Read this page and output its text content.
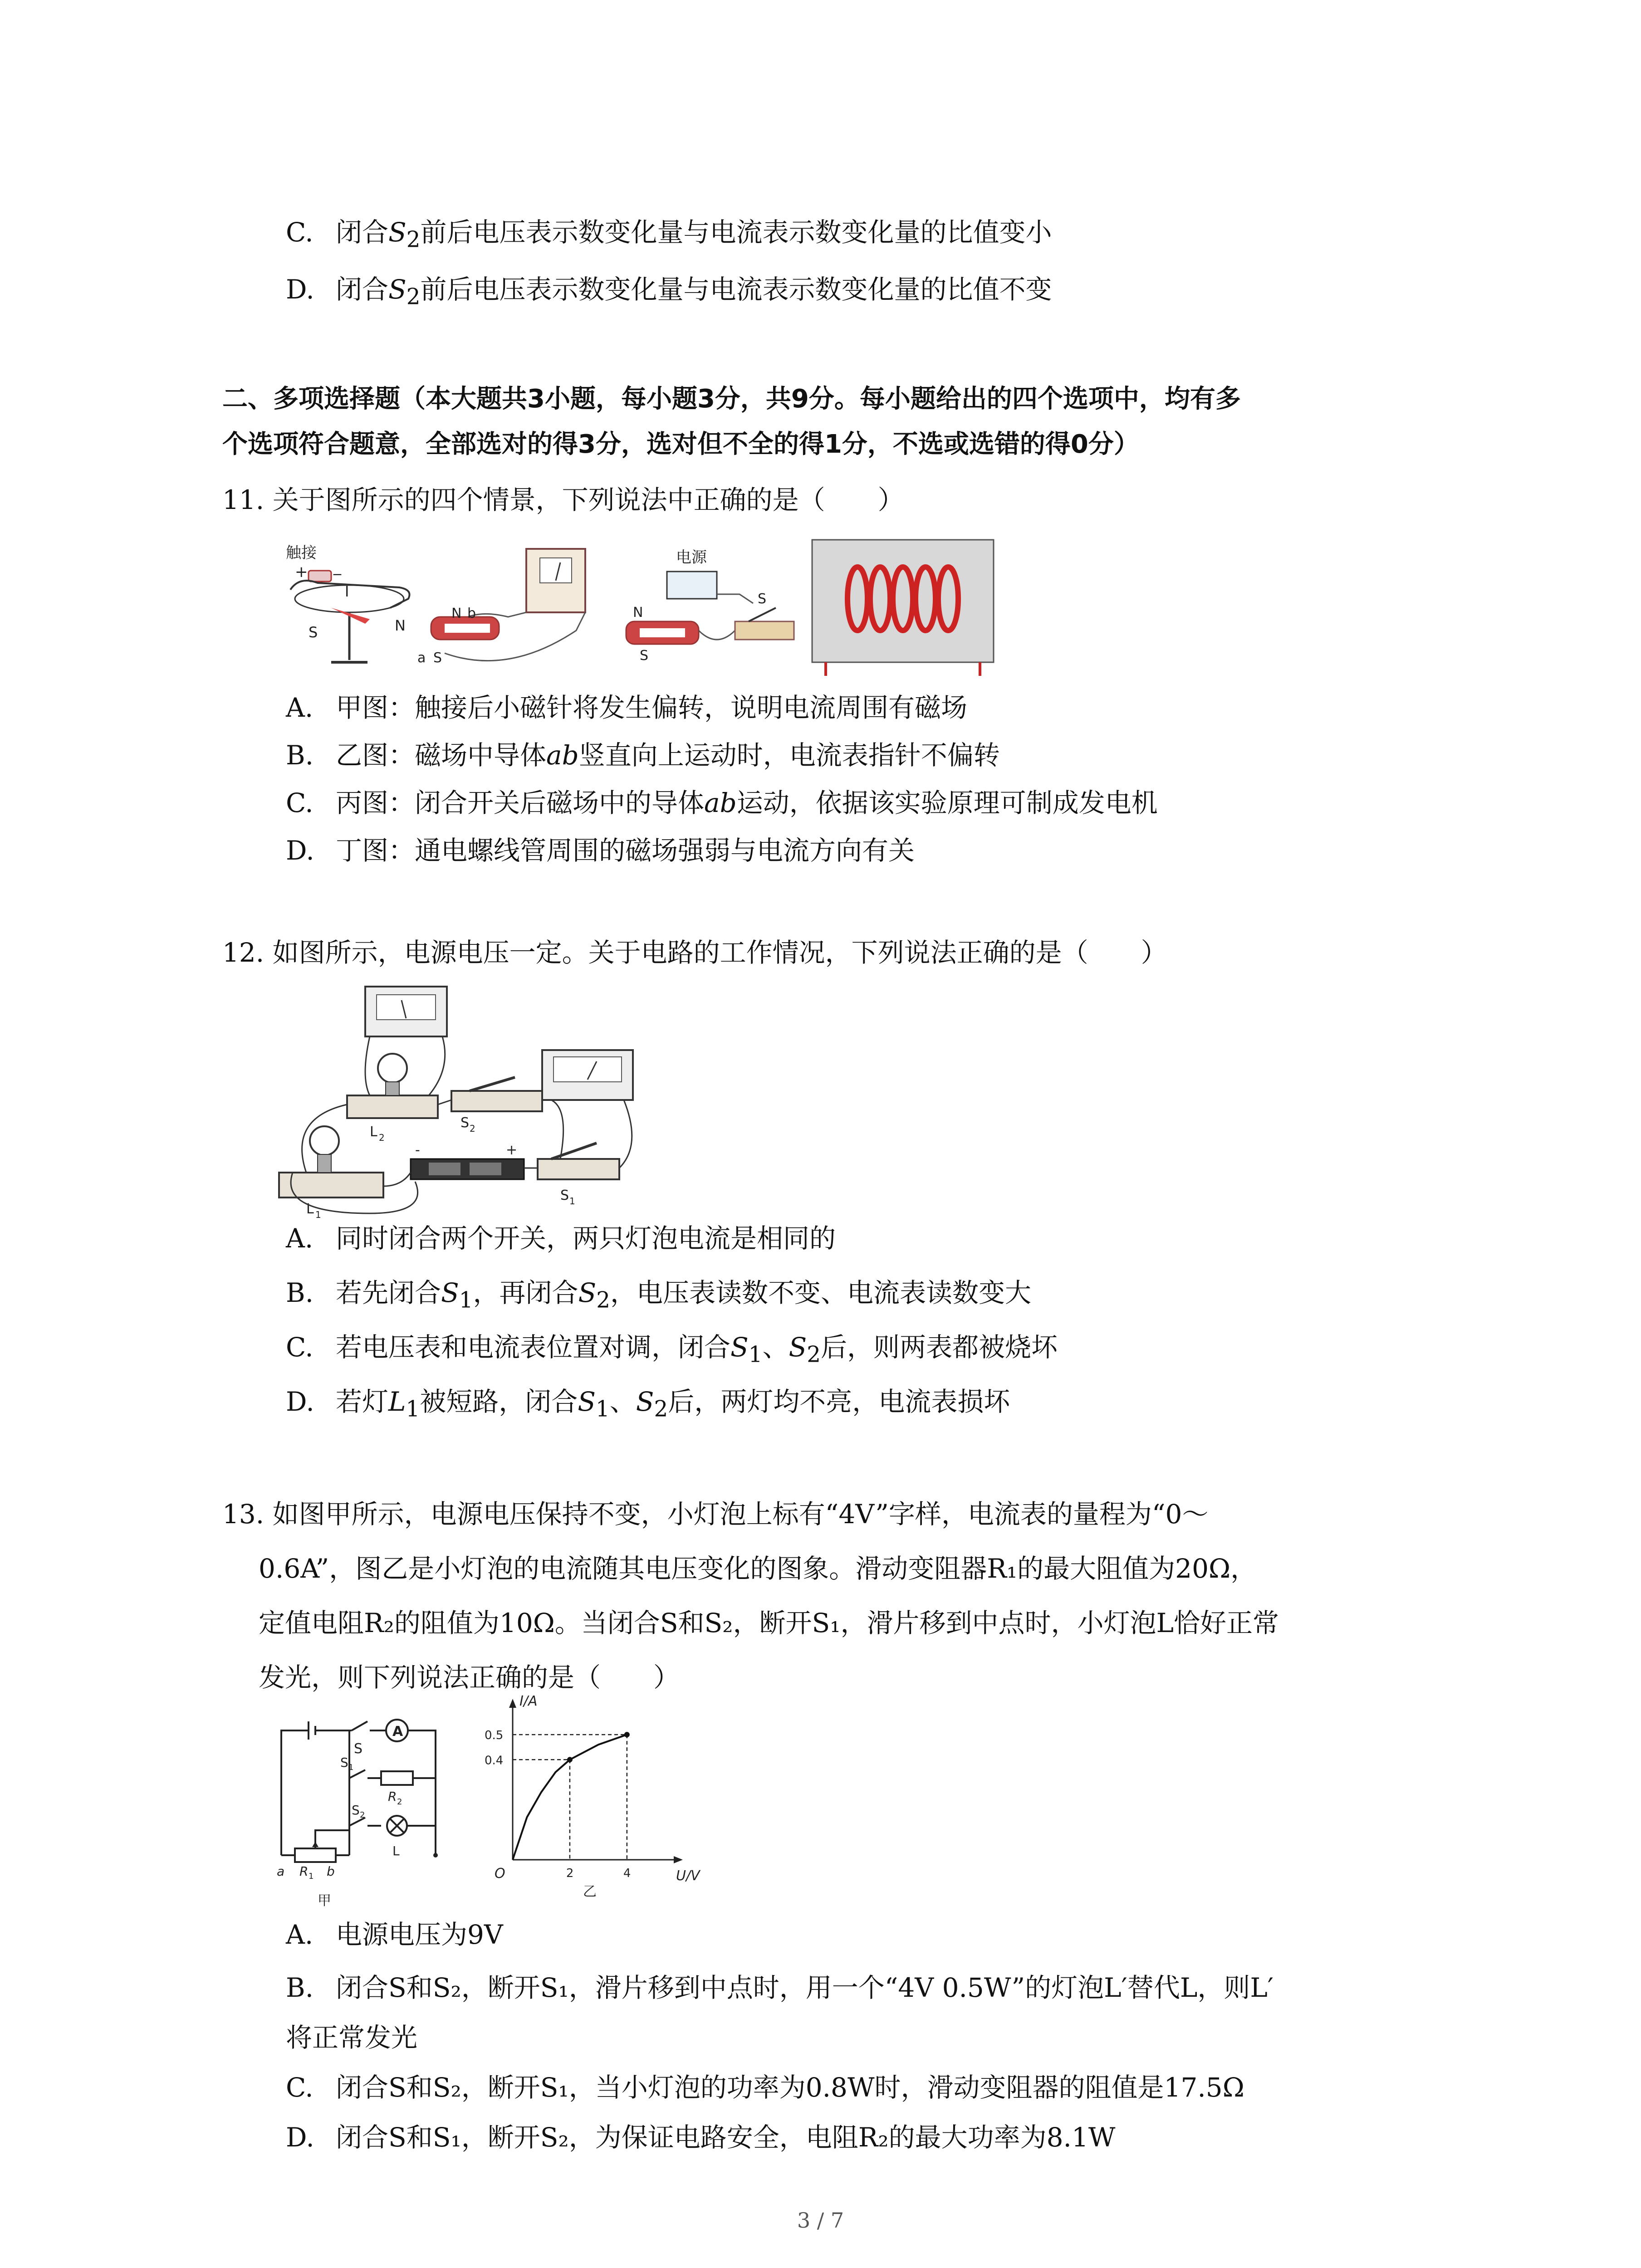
C. 闭合$S_2$前后电压表示数变化量与电流表示数变化量的比值变小
D. 闭合$S_2$前后电压表示数变化量与电流表示数变化量的比值不变
二、多项选择题（本大题共3小题，每小题3分，共9分。每小题给出的四个选项中，均有多
个选项符合题意，全部选对的得3分，选对但不全的得1分，不选或选错的得0分）
11. 关于图所示的四个情景，下列说法中正确的是（　　）
触接
+ _
I
S	N
N b
a S
电源
N
S
S
A. 甲图：触接后小磁针将发生偏转，说明电流周围有磁场
B. 乙图：磁场中导体ab竖直向上运动时，电流表指针不偏转
C. 丙图：闭合开关后磁场中的导体ab运动，依据该实验原理可制成发电机
D. 丁图：通电螺线管周围的磁场强弱与电流方向有关
12. 如图所示，电源电压一定。关于电路的工作情况，下列说法正确的是（　　）
L 2
S 2
L 1
-	+
S 1
A. 同时闭合两个开关，两只灯泡电流是相同的
B. 若先闭合$S_1$，再闭合$S_2$，电压表读数不变、电流表读数变大
C. 若电压表和电流表位置对调，闭合$S_1$、$S_2$后，则两表都被烧坏
D. 若灯$L_1$被短路，闭合$S_1$、$S_2$后，两灯均不亮，电流表损坏
13. 如图甲所示，电源电压保持不变，小灯泡上标有“4V”字样，电流表的量程为“0～
0.6A”，图乙是小灯泡的电流随其电压变化的图象。滑动变阻器R₁的最大阻值为20Ω，
定值电阻R₂的阻值为10Ω。当闭合S和S₂，断开S₁，滑片移到中点时，小灯泡L恰好正常
发光，则下列说法正确的是（　　）
A
S
S 1
R 2
S 2
a R 1 b
L
甲
I/A
U/V
O
乙
2	4
0.4
0.5
A. 电源电压为9V
B. 闭合S和S₂，断开S₁，滑片移到中点时，用一个“4V 0.5W”的灯泡L′替代L，则L′
将正常发光
C. 闭合S和S₂，断开S₁，当小灯泡的功率为0.8W时，滑动变阻器的阻值是17.5Ω
D. 闭合S和S₁，断开S₂，为保证电路安全，电阻R₂的最大功率为8.1W
3 / 7
